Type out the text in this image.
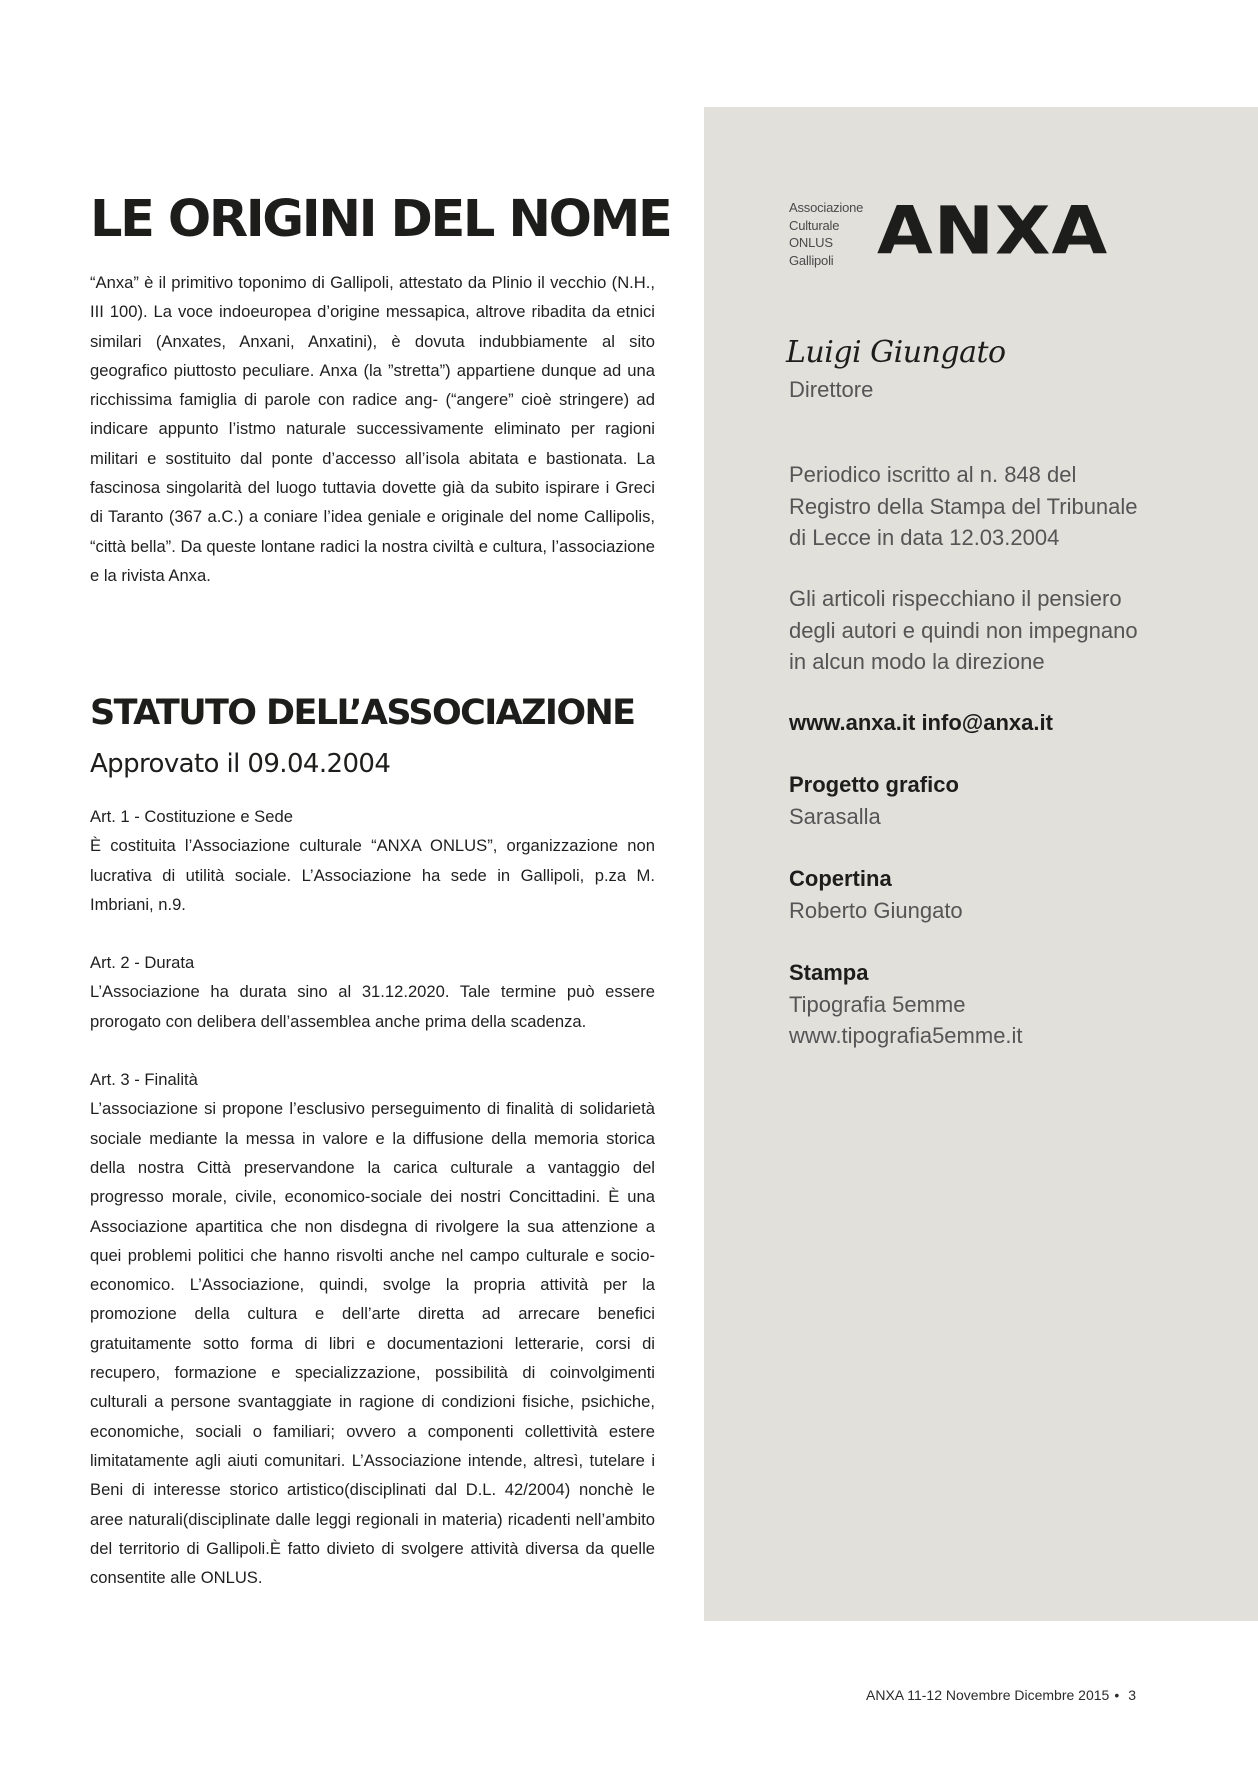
LE ORIGINI DEL NOME

“Anxa” è il primitivo toponimo di Gallipoli, attestato da Plinio il vecchio (N.H., III 100). La voce indoeuropea d’origine messapica, altrove ribadita da etnici similari (Anxates, Anxani, Anxatini), è dovuta indubbiamente al sito geografico piuttosto peculiare. Anxa (la ”stretta”) appartiene dunque ad una ricchissima famiglia di parole con radice ang- (“angere” cioè stringere) ad indicare appunto l’istmo naturale successivamente eliminato per ragioni militari e sostituito dal ponte d’accesso all’isola abitata e bastionata. La fascinosa singolarità del luogo tuttavia dovette già da subito ispirare i Greci di Taranto (367 a.C.) a coniare l’idea geniale e originale del nome Callipolis, “città bella”. Da queste lontane radici la nostra civiltà e cultura, l’associazione e la rivista Anxa.

STATUTO DELL’ASSOCIAZIONE
Approvato il 09.04.2004

Art. 1 - Costituzione e Sede

È costituita l’Associazione culturale “ANXA ONLUS”, organizzazione non lucrativa di utilità sociale. L’Associazione ha sede in Gallipoli, p.za M. Imbriani, n.9.

Art. 2 - Durata

L’Associazione ha durata sino al 31.12.2020. Tale termine può essere prorogato con delibera dell’assemblea anche prima della scadenza.

Art. 3 - Finalità

L’associazione si propone l’esclusivo perseguimento di finalità di solidarietà sociale mediante la messa in valore e la diffusione della memoria storica della nostra Città preservandone la carica culturale a vantaggio del progresso morale, civile, economico-sociale dei nostri Concittadini. È una Associazione apartitica che non disdegna di rivolgere la sua attenzione a quei problemi politici che hanno risvolti anche nel campo culturale e socio-economico. L’Associazione, quindi, svolge la propria attività per la promozione della cultura e dell’arte diretta ad arrecare benefici gratuitamente sotto forma di libri e documentazioni letterarie, corsi di recupero, formazione e specializzazione, possibilità di coinvolgimenti culturali a persone svantaggiate in ragione di condizioni fisiche, psichiche, economiche, sociali o familiari; ovvero a componenti collettività estere limitatamente agli aiuti comunitari. L’Associazione intende, altresì, tutelare i Beni di interesse storico artistico(disciplinati dal D.L. 42/2004) nonchè le aree naturali(disciplinate dalle leggi regionali in materia) ricadenti nell’ambito del territorio di Gallipoli.È fatto divieto di svolgere attività diversa da quelle consentite alle ONLUS.

Associazione
Culturale
ONLUS
Gallipoli ANXA
Luigi Giungato
Direttore
Periodico iscritto al n. 848 del
Registro della Stampa del Tribunale
di Lecce in data 12.03.2004
Gli articoli rispecchiano il pensiero
degli autori e quindi non impegnano
in alcun modo la direzione
www.anxa.it info@anxa.it
Progetto grafico
Sarasalla
Copertina
Roberto Giungato
Stampa
Tipografia 5emme
www.tipografia5emme.it
ANXA 11-12 Novembre Dicembre 2015 • 3
